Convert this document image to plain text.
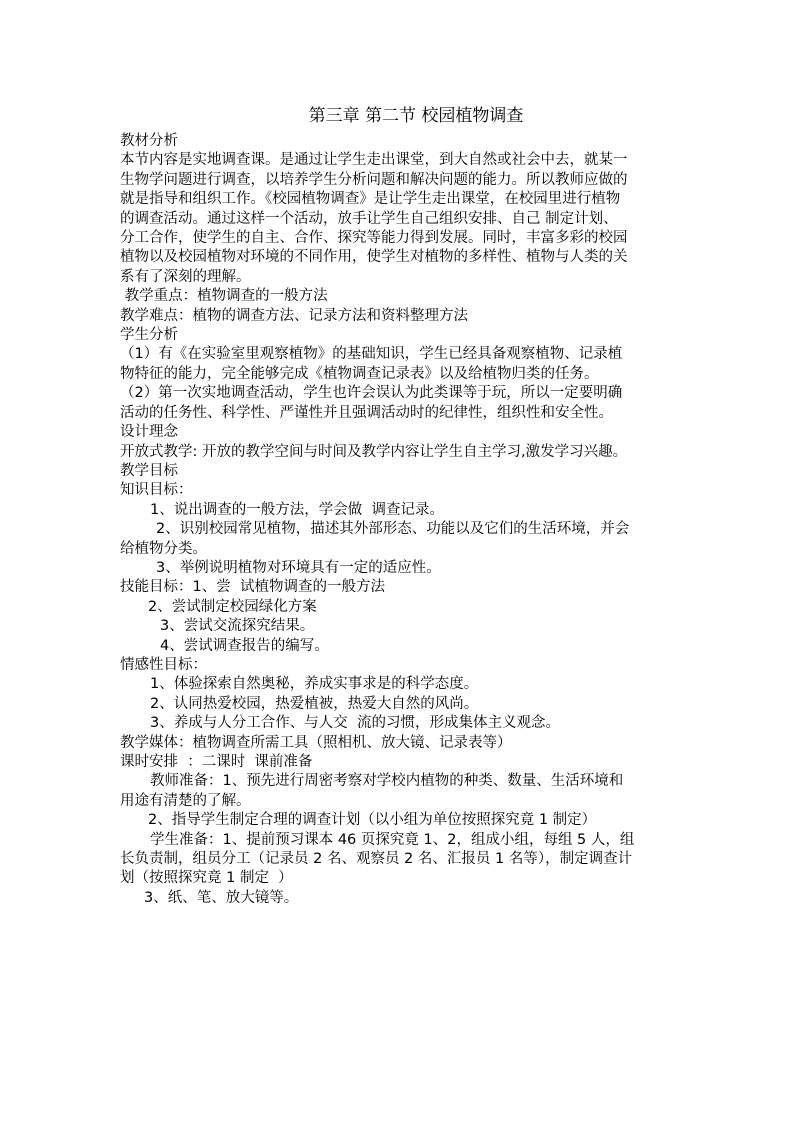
第三章 第二节 校园植物调查
教材分析
本节内容是实地调查课。是通过让学生走出课堂，到大自然或社会中去，就某一
生物学问题进行调查，以培养学生分析问题和解决问题的能力。所以教师应做的
就是指导和组织工作。《校园植物调查》是让学生走出课堂，在校园里进行植物
的调查活动。通过这样一个活动，放手让学生自己组织安排、自己 制定计划、
分工合作，使学生的自主、合作、探究等能力得到发展。同时，丰富多彩的校园
植物以及校园植物对环境的不同作用，使学生对植物的多样性、植物与人类的关
系有了深刻的理解。
教学重点：植物调查的一般方法
教学难点：植物的调查方法、记录方法和资料整理方法
学生分析
（1）有《在实验室里观察植物》的基础知识，学生已经具备观察植物、记录植
物特征的能力，完全能够完成《植物调查记录表》以及给植物归类的任务。
（2）第一次实地调查活动，学生也许会误认为此类课等于玩，所以一定要明确
活动的任务性、科学性、严谨性并且强调活动时的纪律性，组织性和安全性。
设计理念
开放式教学: 开放的教学空间与时间及教学内容让学生自主学习,激发学习兴趣。
教学目标
知识目标：
1、说出调查的一般方法，学会做  调查记录。
2、识别校园常见植物，描述其外部形态、功能以及它们的生活环境，并会
给植物分类。
3、举例说明植物对环境具有一定的适应性。
技能目标：1、尝  试植物调查的一般方法
2、尝试制定校园绿化方案
3、尝试交流探究结果。
4、尝试调查报告的编写。
情感性目标：
1、体验探索自然奥秘，养成实事求是的科学态度。
2、认同热爱校园，热爱植被，热爱大自然的风尚。
3、养成与人分工合作、与人交  流的习惯，形成集体主义观念。
教学媒体：植物调查所需工具（照相机、放大镜、记录表等）
课时安排  ：二课时  课前准备
教师准备：1、预先进行周密考察对学校内植物的种类、数量、生活环境和
用途有清楚的了解。
2、指导学生制定合理的调查计划（以小组为单位按照探究竟 1 制定）
学生准备：1、提前预习课本 46 页探究竟 1、2，组成小组，每组 5 人，组
长负责制，组员分工（记录员 2 名、观察员 2 名、汇报员 1 名等），制定调查计
划（按照探究竟 1 制定  ）
3、纸、笔、放大镜等。
